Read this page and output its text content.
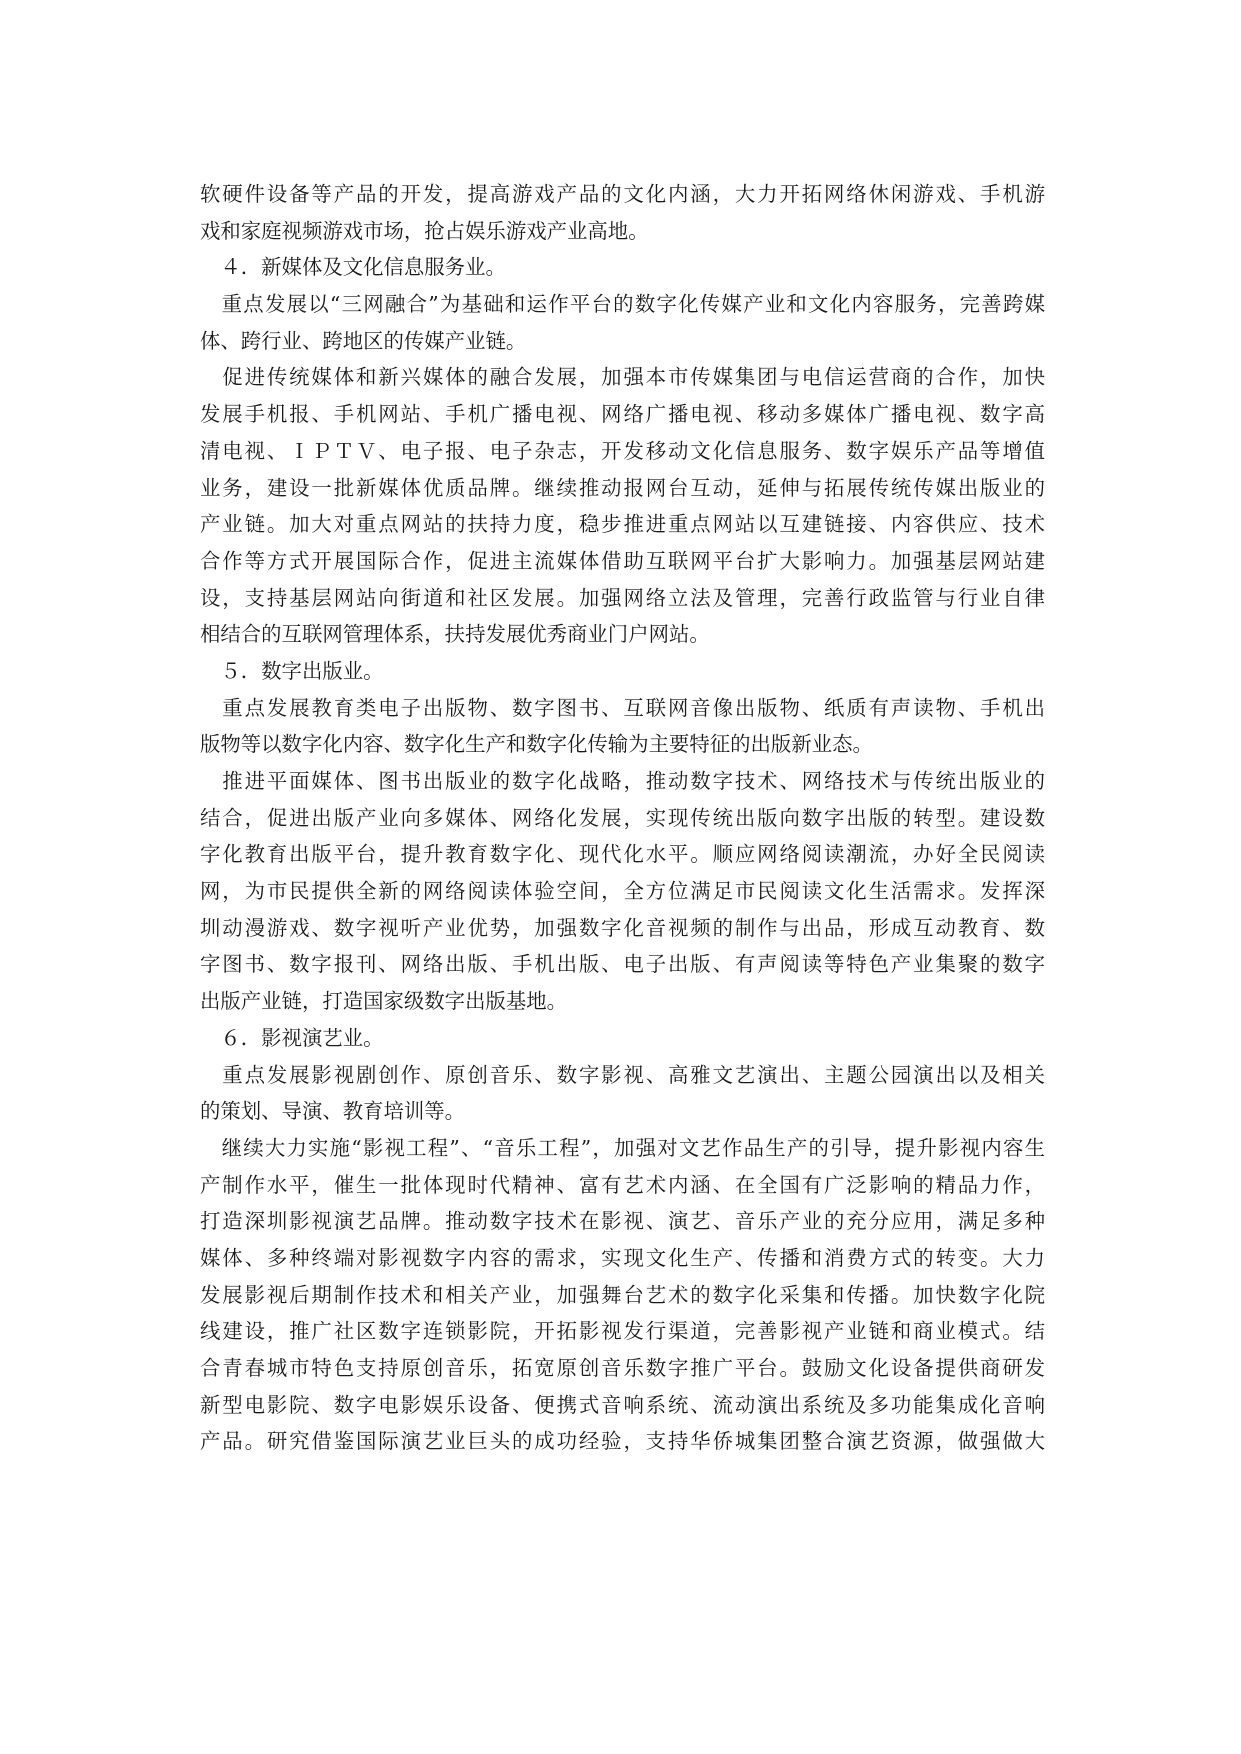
软硬件设备等产品的开发，提高游戏产品的文化内涵，大力开拓网络休闲游戏、手机游
戏和家庭视频游戏市场，抢占娱乐游戏产业高地。
　４．新媒体及文化信息服务业。
　重点发展以“三网融合”为基础和运作平台的数字化传媒产业和文化内容服务，完善跨媒
体、跨行业、跨地区的传媒产业链。
　促进传统媒体和新兴媒体的融合发展，加强本市传媒集团与电信运营商的合作，加快
发展手机报、手机网站、手机广播电视、网络广播电视、移动多媒体广播电视、数字高
清电视、ＩＰＴＶ、电子报、电子杂志，开发移动文化信息服务、数字娱乐产品等增值
业务，建设一批新媒体优质品牌。继续推动报网台互动，延伸与拓展传统传媒出版业的
产业链。加大对重点网站的扶持力度，稳步推进重点网站以互建链接、内容供应、技术
合作等方式开展国际合作，促进主流媒体借助互联网平台扩大影响力。加强基层网站建
设，支持基层网站向街道和社区发展。加强网络立法及管理，完善行政监管与行业自律
相结合的互联网管理体系，扶持发展优秀商业门户网站。
　５．数字出版业。
　重点发展教育类电子出版物、数字图书、互联网音像出版物、纸质有声读物、手机出
版物等以数字化内容、数字化生产和数字化传输为主要特征的出版新业态。
　推进平面媒体、图书出版业的数字化战略，推动数字技术、网络技术与传统出版业的
结合，促进出版产业向多媒体、网络化发展，实现传统出版向数字出版的转型。建设数
字化教育出版平台，提升教育数字化、现代化水平。顺应网络阅读潮流，办好全民阅读
网，为市民提供全新的网络阅读体验空间，全方位满足市民阅读文化生活需求。发挥深
圳动漫游戏、数字视听产业优势，加强数字化音视频的制作与出品，形成互动教育、数
字图书、数字报刊、网络出版、手机出版、电子出版、有声阅读等特色产业集聚的数字
出版产业链，打造国家级数字出版基地。
　６．影视演艺业。
　重点发展影视剧创作、原创音乐、数字影视、高雅文艺演出、主题公园演出以及相关
的策划、导演、教育培训等。
　继续大力实施“影视工程”、“音乐工程”，加强对文艺作品生产的引导，提升影视内容生
产制作水平，催生一批体现时代精神、富有艺术内涵、在全国有广泛影响的精品力作，
打造深圳影视演艺品牌。推动数字技术在影视、演艺、音乐产业的充分应用，满足多种
媒体、多种终端对影视数字内容的需求，实现文化生产、传播和消费方式的转变。大力
发展影视后期制作技术和相关产业，加强舞台艺术的数字化采集和传播。加快数字化院
线建设，推广社区数字连锁影院，开拓影视发行渠道，完善影视产业链和商业模式。结
合青春城市特色支持原创音乐，拓宽原创音乐数字推广平台。鼓励文化设备提供商研发
新型电影院、数字电影娱乐设备、便携式音响系统、流动演出系统及多功能集成化音响
产品。研究借鉴国际演艺业巨头的成功经验，支持华侨城集团整合演艺资源，做强做大
